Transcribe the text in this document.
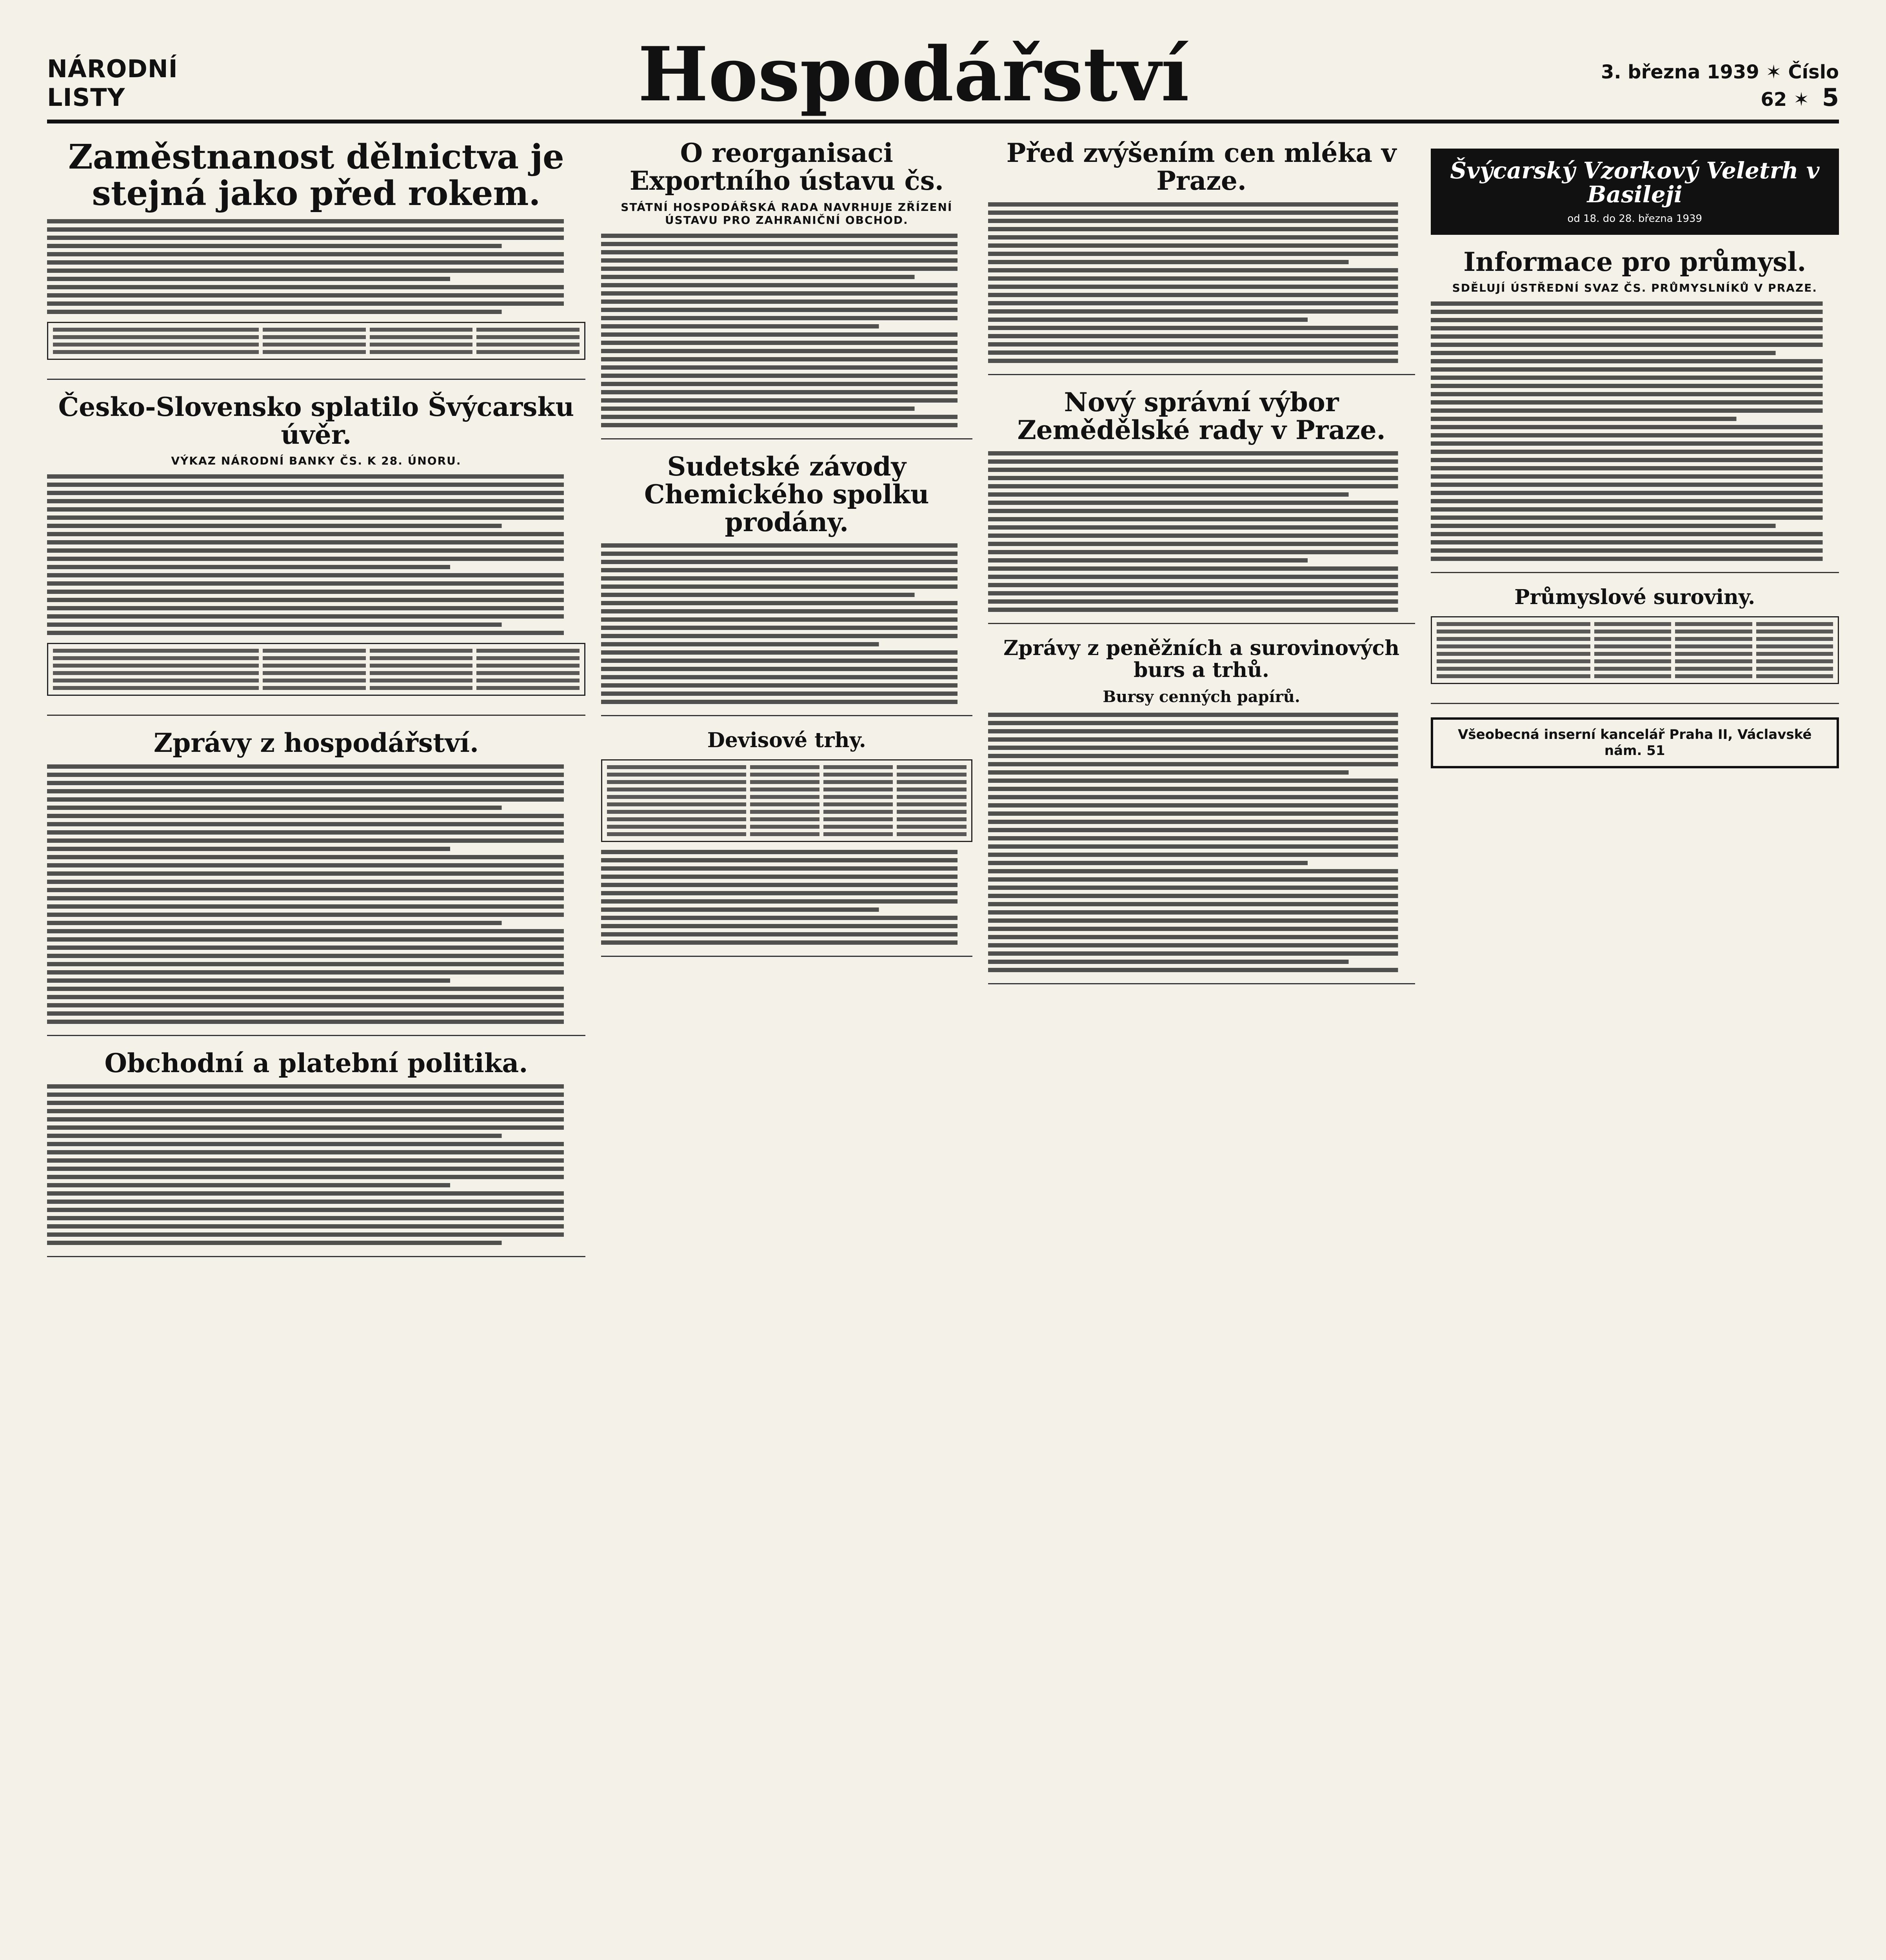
NÁRODNÍ LISTY	Hospodářství	3. března 1939 ✶ Číslo 62 ✶ 5
Zaměstnanost dělnictva je stejná jako před rokem.
Česko-Slovensko splatilo Švýcarsku úvěr.
VÝKAZ NÁRODNÍ BANKY ČS. K 28. ÚNORU.
Zprávy z hospodářství.
Obchodní a platební politika.
O reorganisaci Exportního ústavu čs.
STÁTNÍ HOSPODÁŘSKÁ RADA NAVRHUJE ZŘÍZENÍ ÚSTAVU PRO ZAHRANIČNÍ OBCHOD.
Sudetské závody Chemického spolku prodány.
Devisové trhy.
Před zvýšením cen mléka v Praze.
Nový správní výbor Zemědělské rady v Praze.
Zprávy z peněžních a surovinových burs a trhů.
Bursy cenných papírů.
Švýcarský Vzorkový Veletrh v Basileji
od 18. do 28. března 1939
Informace pro průmysl.
SDĚLUJÍ ÚSTŘEDNÍ SVAZ ČS. PRŮMYSLNÍKŮ V PRAZE.
Průmyslové suroviny.
Všeobecná inserní kancelář Praha II, Václavské nám. 51
